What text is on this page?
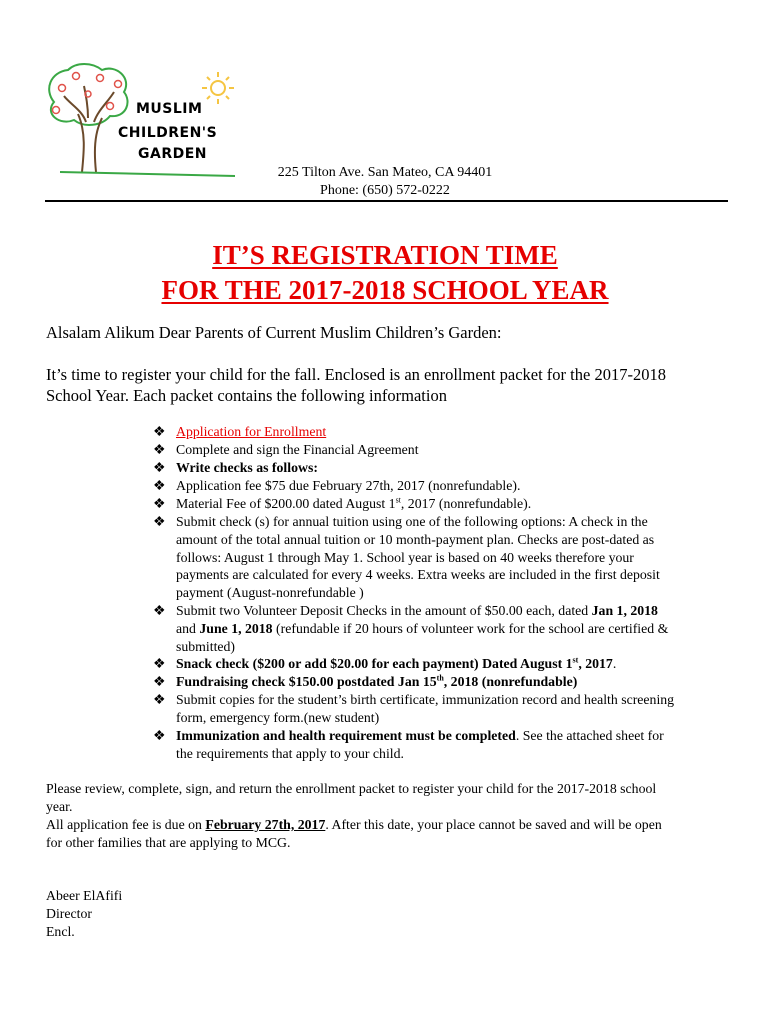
MUSLIM
CHILDREN'S
GARDEN
225 Tilton Ave. San Mateo, CA 94401
Phone: (650) 572-0222
IT’S REGISTRATION TIME
FOR THE 2017-2018 SCHOOL YEAR
Alsalam Alikum Dear Parents of Current Muslim Children’s Garden:
It’s time to register your child for the fall. Enclosed is an enrollment packet for the 2017-2018
School Year. Each packet contains the following information
❖ Application for Enrollment
❖ Complete and sign the Financial Agreement
❖ Write checks as follows:
❖ Application fee $75 due February 27th, 2017 (nonrefundable).
❖ Material Fee of $200.00 dated August 1st, 2017 (nonrefundable).
❖ Submit check (s) for annual tuition using one of the following options: A check in the
amount of the total annual tuition or 10 month-payment plan. Checks are post-dated as
follows: August 1 through May 1. School year is based on 40 weeks therefore your
payments are calculated for every 4 weeks. Extra weeks are included in the first deposit
payment (August-nonrefundable )
❖ Submit two Volunteer Deposit Checks in the amount of $50.00 each, dated Jan 1, 2018
and June 1, 2018 (refundable if 20 hours of volunteer work for the school are certified &
submitted)
❖ Snack check ($200 or add $20.00 for each payment) Dated August 1st, 2017.
❖ Fundraising check $150.00 postdated Jan 15th, 2018 (nonrefundable)
❖ Submit copies for the student’s birth certificate, immunization record and health screening
form, emergency form.(new student)
❖ Immunization and health requirement must be completed. See the attached sheet for
the requirements that apply to your child.
Please review, complete, sign, and return the enrollment packet to register your child for the 2017-2018 school
year.
All application fee is due on February 27th, 2017. After this date, your place cannot be saved and will be open
for other families that are applying to MCG.
Abeer ElAfifi
Director
Encl.
